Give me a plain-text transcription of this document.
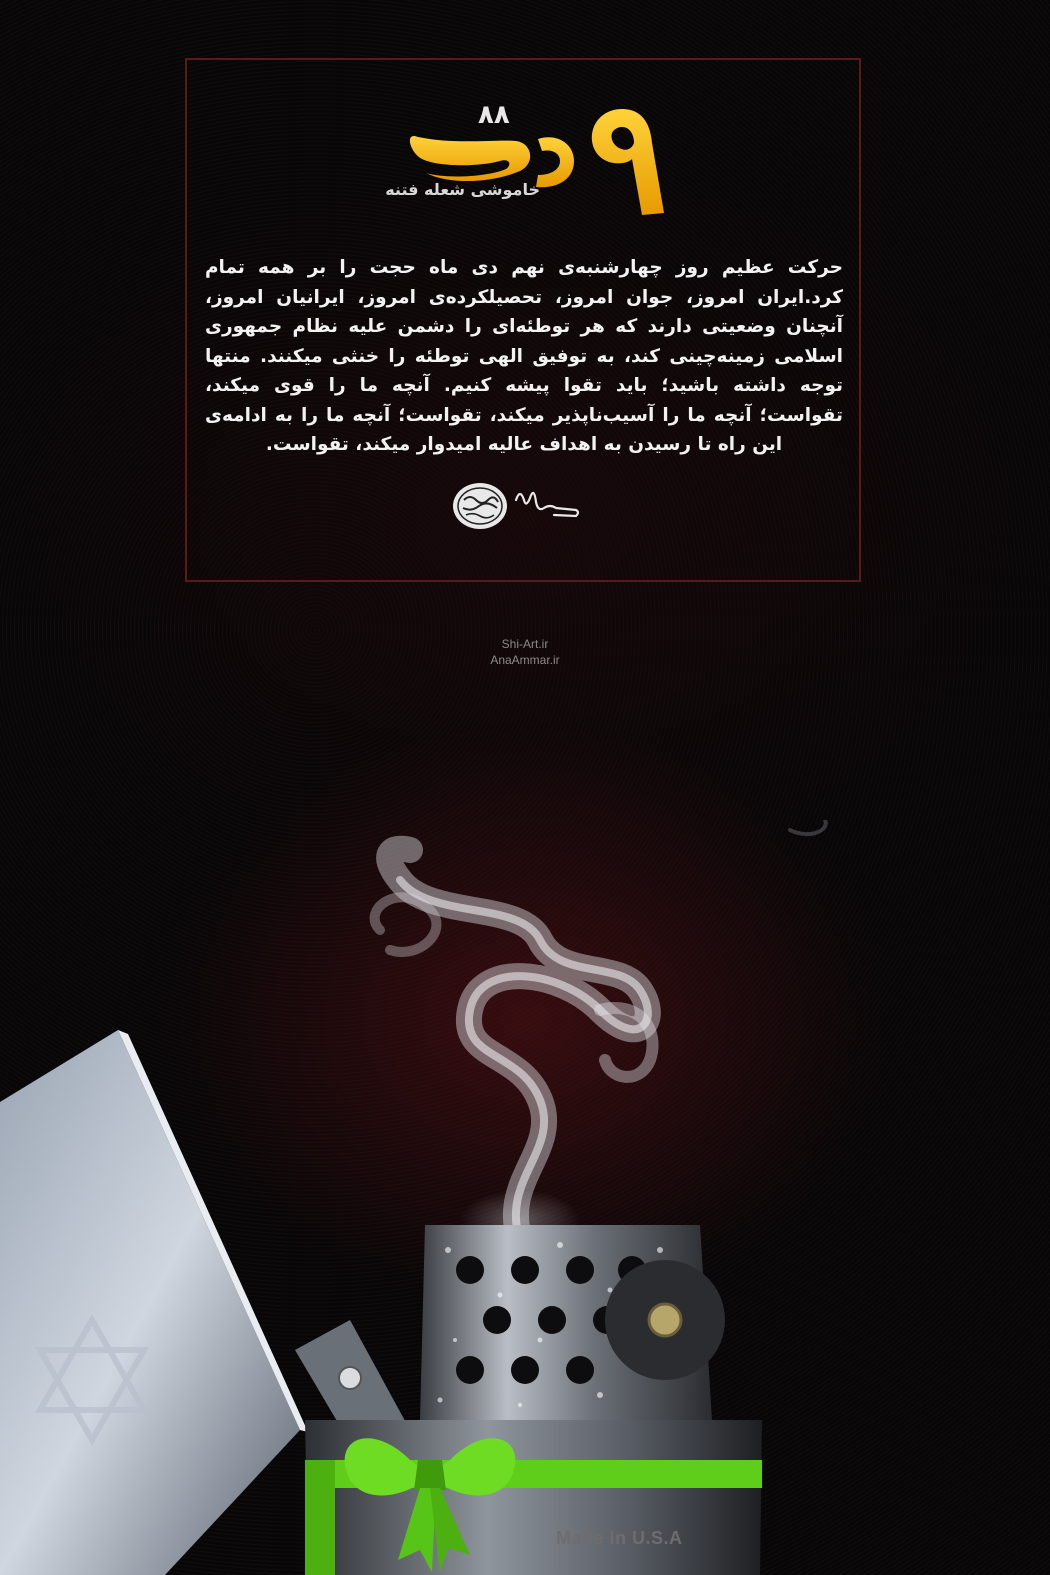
۸۸
خاموشی شعله فتنه
حرکت عظیم روز چهارشنبه‌ی نهم دی ماه حجت را بر همه تمام کرد.ایران امروز، جوان امروز، تحصیلکرده‌ی امروز، ایرانیان امروز، آنچنان وضعیتی دارند که هر توطئه‌ای را دشمن علیه نظام جمهوری اسلامی زمینه‌چینی کند، به توفیق الهی توطئه را خنثی میکنند. منتها توجه داشته باشید؛ باید تقوا پیشه کنیم. آنچه ما را قوی میکند، تقواست؛ آنچه ما را آسیب‌ناپذیر میکند، تقواست؛ آنچه ما را به ادامه‌ی این راه تا رسیدن به اهداف عالیه امیدوار میکند، تقواست.
Shi-Art.ir
AnaAmmar.ir
Made In U.S.A
